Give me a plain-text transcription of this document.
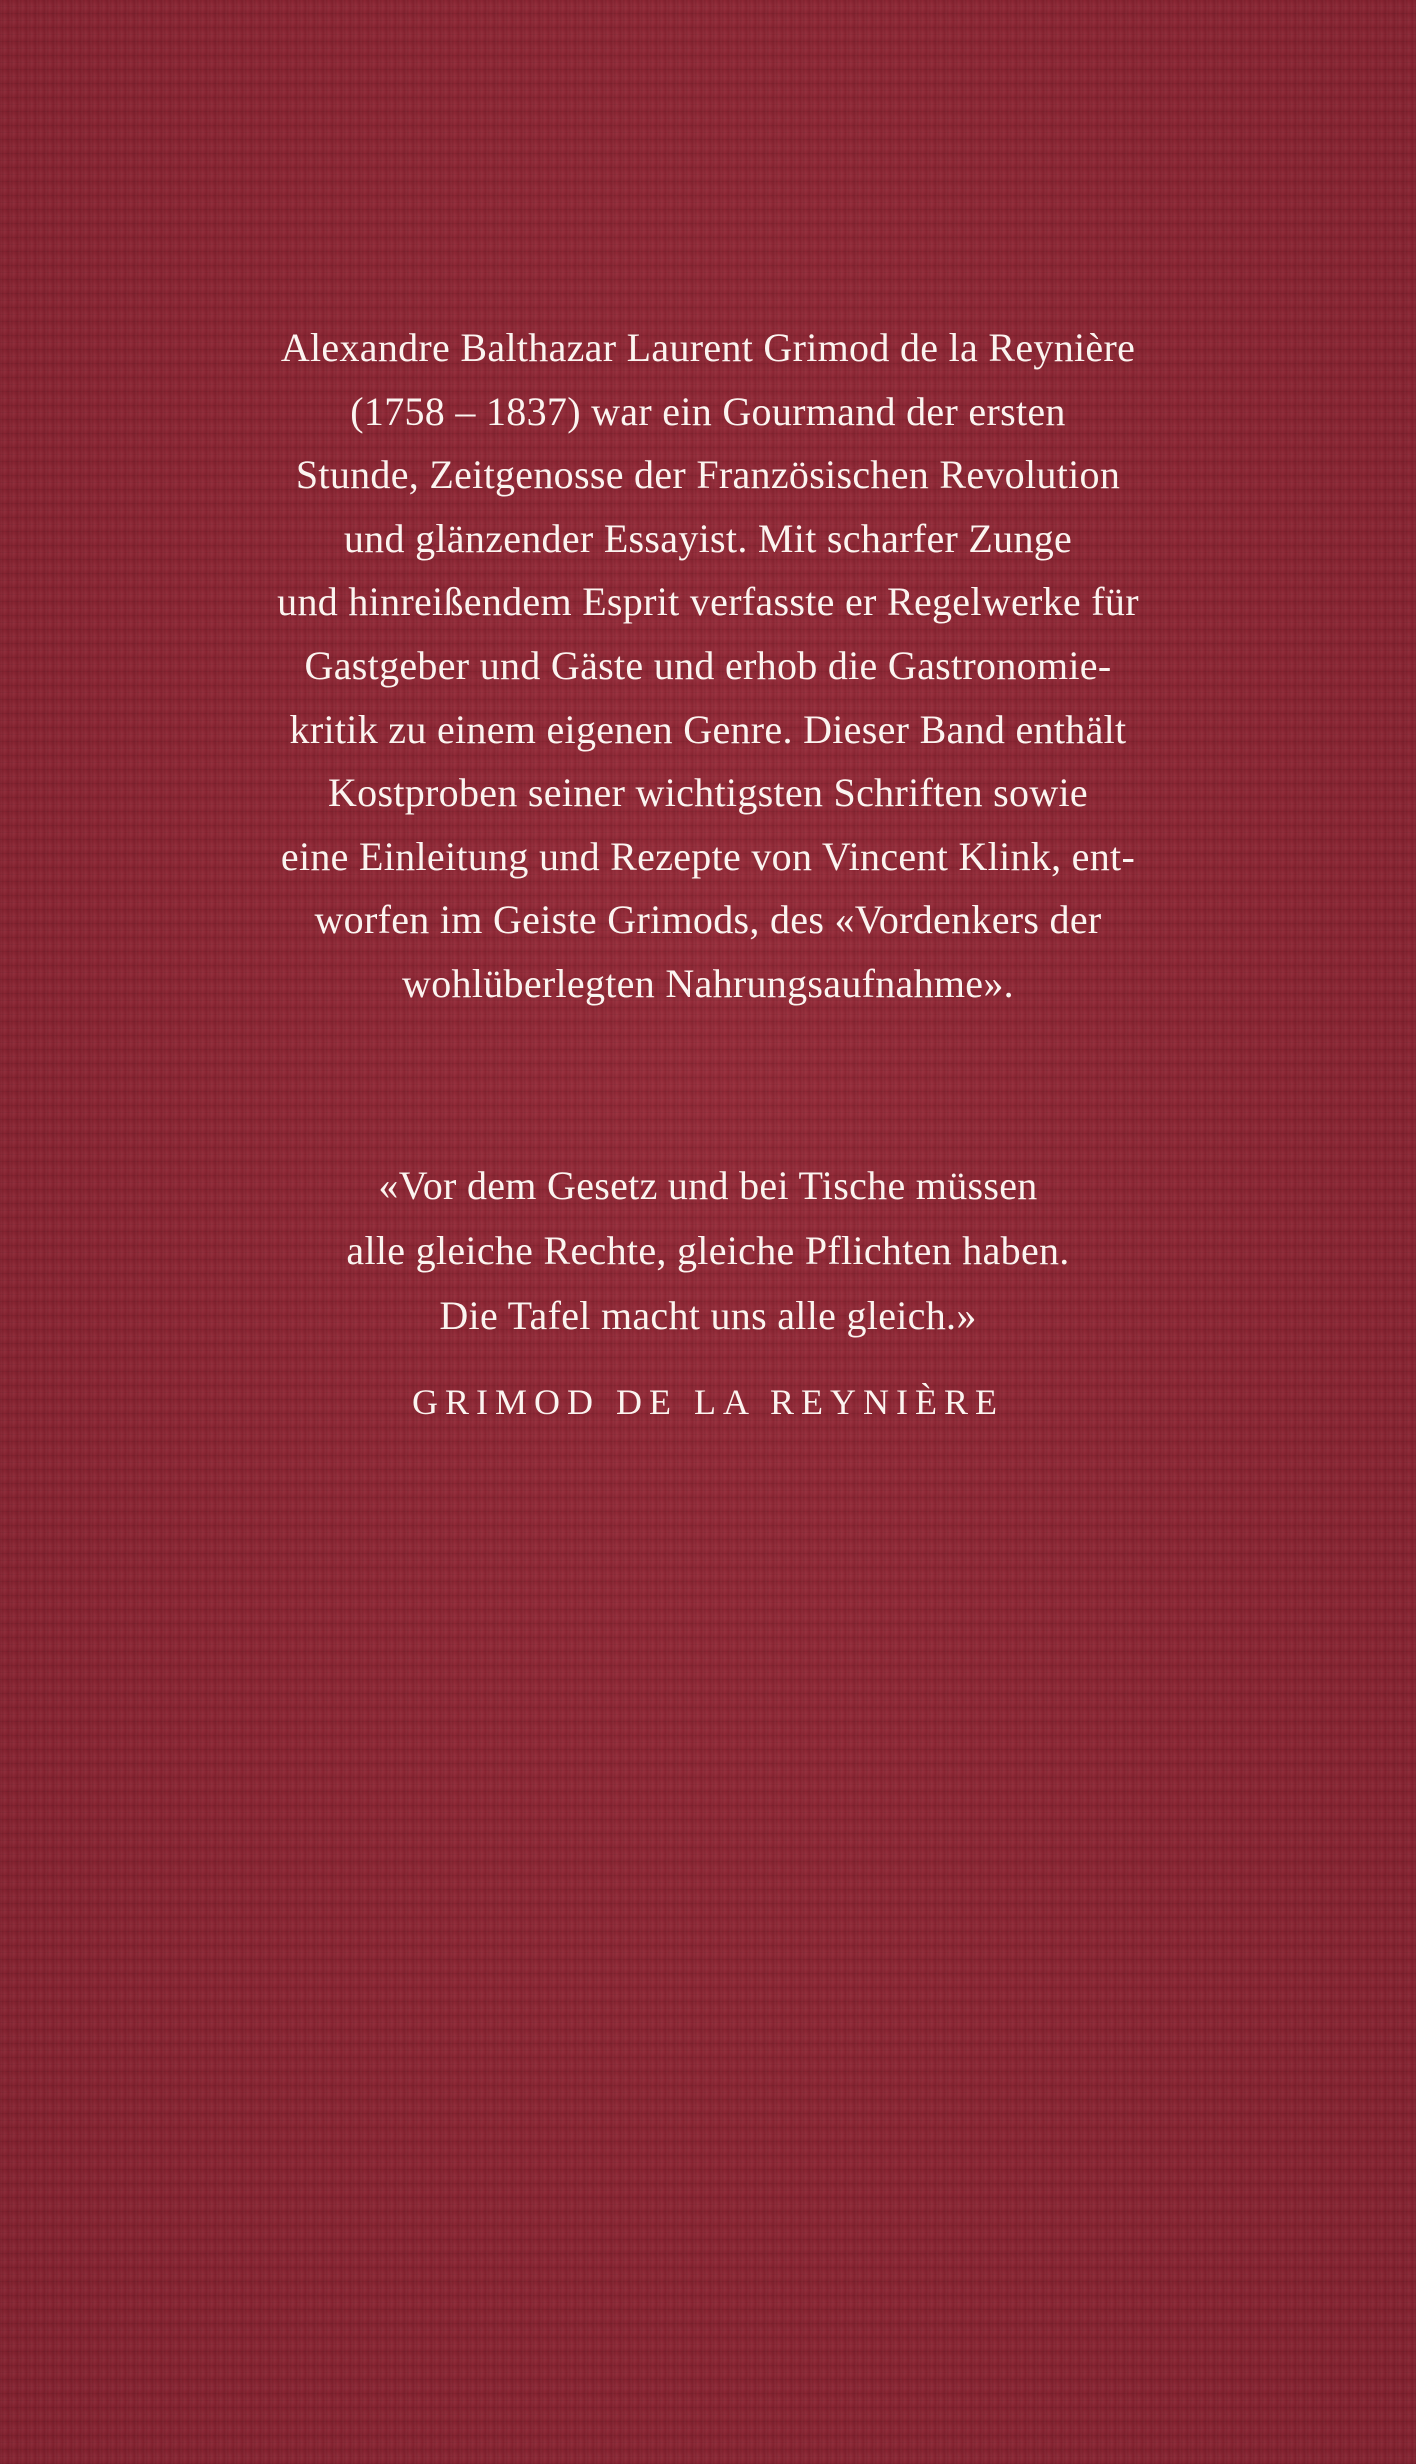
Alexandre Balthazar Laurent Grimod de la Reynière
(1758 – 1837) war ein Gourmand der ersten
Stunde, Zeitgenosse der Französischen Revolution
und glänzender Essayist. Mit scharfer Zunge
und hinreißendem Esprit verfasste er Regelwerke für
Gastgeber und Gäste und erhob die Gastronomie-
kritik zu einem eigenen Genre. Dieser Band enthält
Kostproben seiner wichtigsten Schriften sowie
eine Einleitung und Rezepte von Vincent Klink, ent-
worfen im Geiste Grimods, des «Vordenkers der
wohlüberlegten Nahrungsaufnahme».
«Vor dem Gesetz und bei Tische müssen
alle gleiche Rechte, gleiche Pflichten haben.
Die Tafel macht uns alle gleich.»
GRIMOD DE LA REYNIÈRE
